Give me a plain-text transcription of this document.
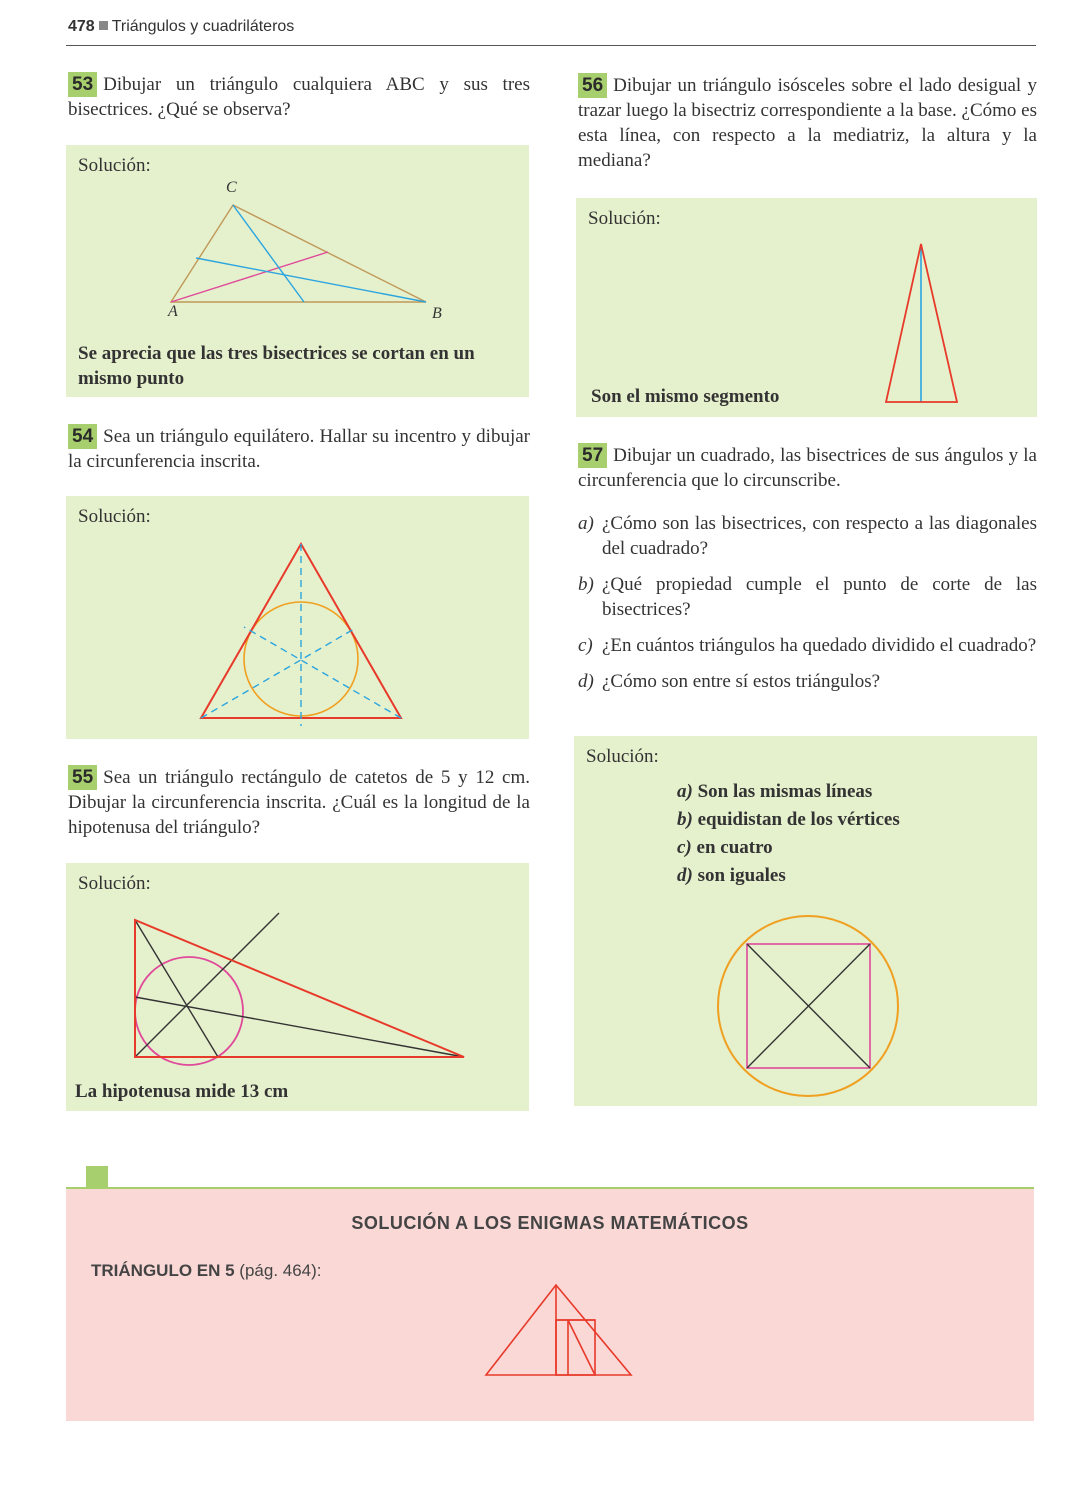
478 Triángulos y cuadriláteros
53 Dibujar un triángulo cualquiera ABC y sus tres bisectrices. ¿Qué se observa?
Solución:
C
A	B
Se aprecia que las tres bisectrices se cortan en un mismo punto
54 Sea un triángulo equilátero. Hallar su incentro y dibujar la circunferencia inscrita.
Solución:
55 Sea un triángulo rectángulo de catetos de 5 y 12 cm. Dibujar la circunferencia inscrita. ¿Cuál es la longitud de la hipotenusa del triángulo?
Solución:
La hipotenusa mide 13 cm
56 Dibujar un triángulo isósceles sobre el lado desigual y trazar luego la bisectriz correspondiente a la base. ¿Cómo es esta línea, con respecto a la mediatriz, la altura y la mediana?
Solución:
Son el mismo segmento
57 Dibujar un cuadrado, las bisectrices de sus ángulos y la circunferencia que lo circunscribe.
a) ¿Cómo son las bisectrices, con respecto a las diagonales del cuadrado?
b) ¿Qué propiedad cumple el punto de corte de las bisectrices?
c) ¿En cuántos triángulos ha quedado dividido el cuadrado?
d) ¿Cómo son entre sí estos triángulos?
Solución:
a) Son las mismas líneas
b) equidistan de los vértices
c) en cuatro
d) son iguales
SOLUCIÓN A LOS ENIGMAS MATEMÁTICOS
TRIÁNGULO EN 5 (pág. 464):
